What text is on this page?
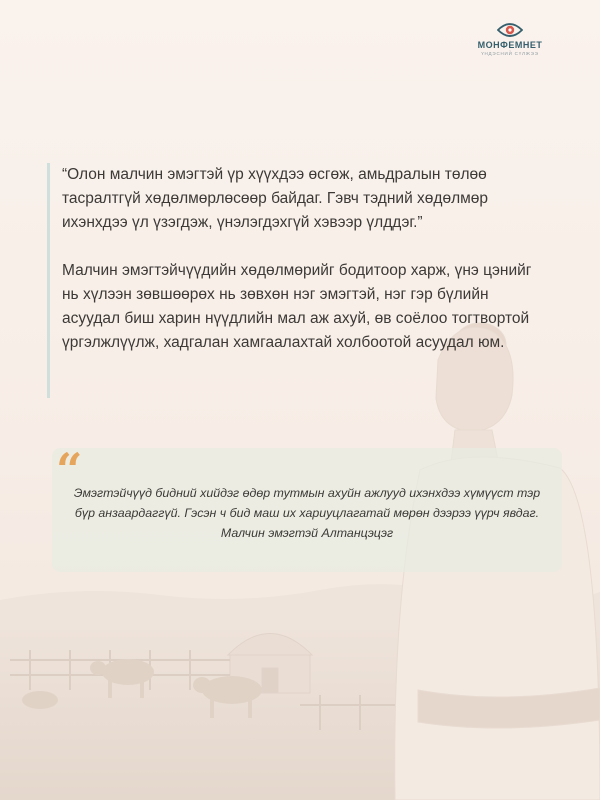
МОНФЕМНЕТ
ҮНДЭСНИЙ СҮЛЖЭЭ

“Олон малчин эмэгтэй үр хүүхдээ өсгөж, амьдралын төлөө тасралтгүй хөдөлмөрлөсөөр байдаг. Гэвч тэдний хөдөлмөр ихэнхдээ үл үзэгдэж, үнэлэгдэхгүй хэвээр үлддэг.”

Малчин эмэгтэйчүүдийн хөдөлмөрийг бодитоор харж, үнэ цэнийг нь хүлээн зөвшөөрөх нь зөвхөн нэг эмэгтэй, нэг гэр бүлийн асуудал биш харин нүүдлийн мал аж ахуй, өв соёлоо тогтвортой үргэлжлүүлж, хадгалан хамгаалахтай холбоотой асуудал юм.

“

Эмэгтэйчүүд бидний хийдэг өдөр тутмын ахуйн ажлууд ихэнхдээ хүмүүст тэр бүр анзаардаггүй. Гэсэн ч бид маш их хариуцлагатай мөрөн дээрээ үүрч явдаг. Малчин эмэгтэй Алтанцэцэг
